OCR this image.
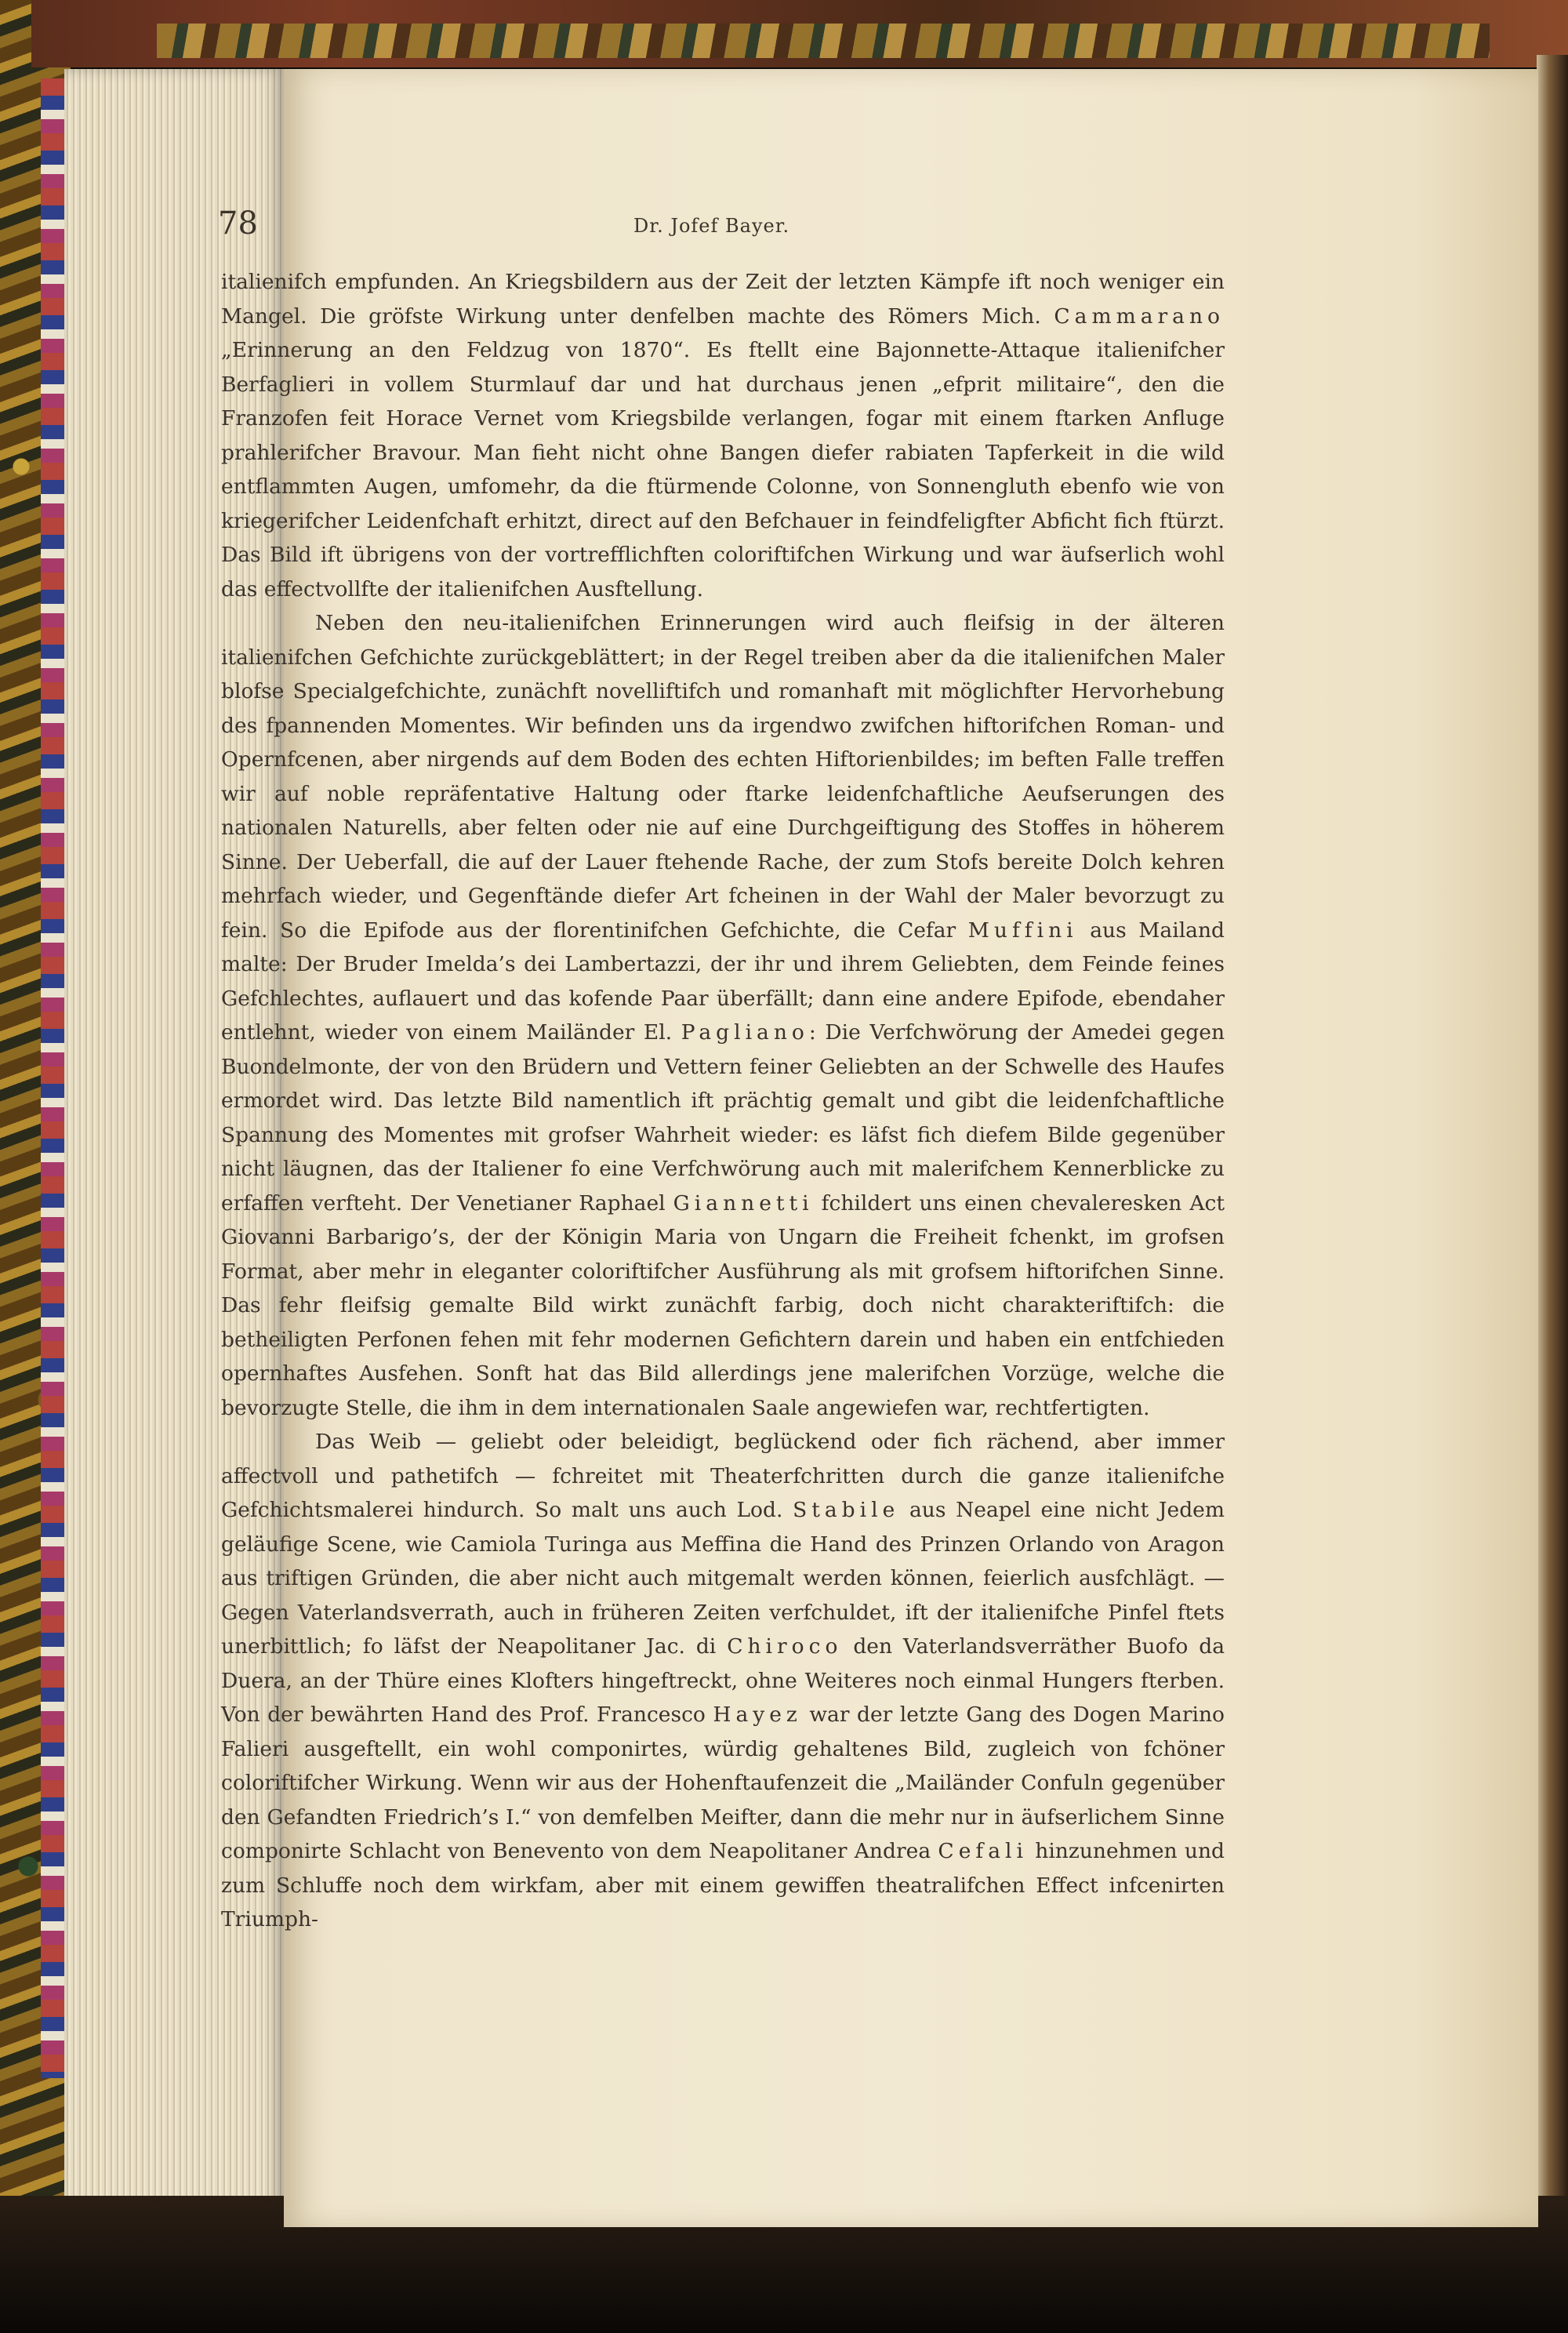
78	Dr. Jofef Bayer.

italienifch empfunden. An Kriegsbildern aus der Zeit der letzten Kämpfe ift noch weniger ein Mangel. Die gröfste Wirkung unter denfelben machte des Römers Mich. Cammarano „Erinnerung an den Feldzug von 1870“. Es ftellt eine Bajonnette-Attaque italienifcher Berfaglieri in vollem Sturmlauf dar und hat durchaus jenen „efprit militaire“, den die Franzofen feit Horace Vernet vom Kriegsbilde verlangen, fogar mit einem ftarken Anfluge prahlerifcher Bravour. Man fieht nicht ohne Bangen diefer rabiaten Tapferkeit in die wild entflammten Augen, umfomehr, da die ftürmende Colonne, von Sonnengluth ebenfo wie von kriegerifcher Leidenfchaft erhitzt, direct auf den Befchauer in feindfeligfter Abficht fich ftürzt. Das Bild ift übrigens von der vortrefflichften coloriftifchen Wirkung und war äufserlich wohl das effectvollfte der italienifchen Ausftellung.

Neben den neu-italienifchen Erinnerungen wird auch fleifsig in der älteren italienifchen Gefchichte zurückgeblättert; in der Regel treiben aber da die italienifchen Maler blofse Specialgefchichte, zunächft novelliftifch und romanhaft mit möglichfter Hervorhebung des fpannenden Momentes. Wir befinden uns da irgendwo zwifchen hiftorifchen Roman- und Opernfcenen, aber nirgends auf dem Boden des echten Hiftorienbildes; im beften Falle treffen wir auf noble repräfentative Haltung oder ftarke leidenfchaftliche Aeufserungen des nationalen Naturells, aber felten oder nie auf eine Durchgeiftigung des Stoffes in höherem Sinne. Der Ueberfall, die auf der Lauer ftehende Rache, der zum Stofs bereite Dolch kehren mehrfach wieder, und Gegenftände diefer Art fcheinen in der Wahl der Maler bevorzugt zu fein. So die Epifode aus der florentinifchen Gefchichte, die Cefar Muffini aus Mailand malte: Der Bruder Imelda’s dei Lambertazzi, der ihr und ihrem Geliebten, dem Feinde feines Gefchlechtes, auflauert und das kofende Paar überfällt; dann eine andere Epifode, ebendaher entlehnt, wieder von einem Mailänder El. Pagliano: Die Verfchwörung der Amedei gegen Buondelmonte, der von den Brüdern und Vettern feiner Geliebten an der Schwelle des Haufes ermordet wird. Das letzte Bild namentlich ift prächtig gemalt und gibt die leidenfchaftliche Spannung des Momentes mit grofser Wahrheit wieder: es läfst fich diefem Bilde gegenüber nicht läugnen, das der Italiener fo eine Verfchwörung auch mit malerifchem Kennerblicke zu erfaffen verfteht. Der Venetianer Raphael Giannetti fchildert uns einen chevaleresken Act Giovanni Barbarigo’s, der der Königin Maria von Ungarn die Freiheit fchenkt, im grofsen Format, aber mehr in eleganter coloriftifcher Ausführung als mit grofsem hiftorifchen Sinne. Das fehr fleifsig gemalte Bild wirkt zunächft farbig, doch nicht charakteriftifch: die betheiligten Perfonen fehen mit fehr modernen Gefichtern darein und haben ein entfchieden opernhaftes Ausfehen. Sonft hat das Bild allerdings jene malerifchen Vorzüge, welche die bevorzugte Stelle, die ihm in dem internationalen Saale angewiefen war, rechtfertigten.

Das Weib — geliebt oder beleidigt, beglückend oder fich rächend, aber immer affectvoll und pathetifch — fchreitet mit Theaterfchritten durch die ganze italienifche Gefchichtsmalerei hindurch. So malt uns auch Lod. Stabile aus Neapel eine nicht Jedem geläufige Scene, wie Camiola Turinga aus Meffina die Hand des Prinzen Orlando von Aragon aus triftigen Gründen, die aber nicht auch mitgemalt werden können, feierlich ausfchlägt. — Gegen Vaterlandsverrath, auch in früheren Zeiten verfchuldet, ift der italienifche Pinfel ftets unerbittlich; fo läfst der Neapolitaner Jac. di Chiroco den Vaterlandsverräther Buofo da Duera, an der Thüre eines Klofters hingeftreckt, ohne Weiteres noch einmal Hungers fterben. Von der bewährten Hand des Prof. Francesco Hayez war der letzte Gang des Dogen Marino Falieri ausgeftellt, ein wohl componirtes, würdig gehaltenes Bild, zugleich von fchöner coloriftifcher Wirkung. Wenn wir aus der Hohenftaufenzeit die „Mailänder Confuln gegenüber den Gefandten Friedrich’s I.“ von demfelben Meifter, dann die mehr nur in äufserlichem Sinne componirte Schlacht von Benevento von dem Neapolitaner Andrea Cefali hinzunehmen und zum Schluffe noch dem wirkfam, aber mit einem gewiffen theatralifchen Effect infcenirten Triumph-
